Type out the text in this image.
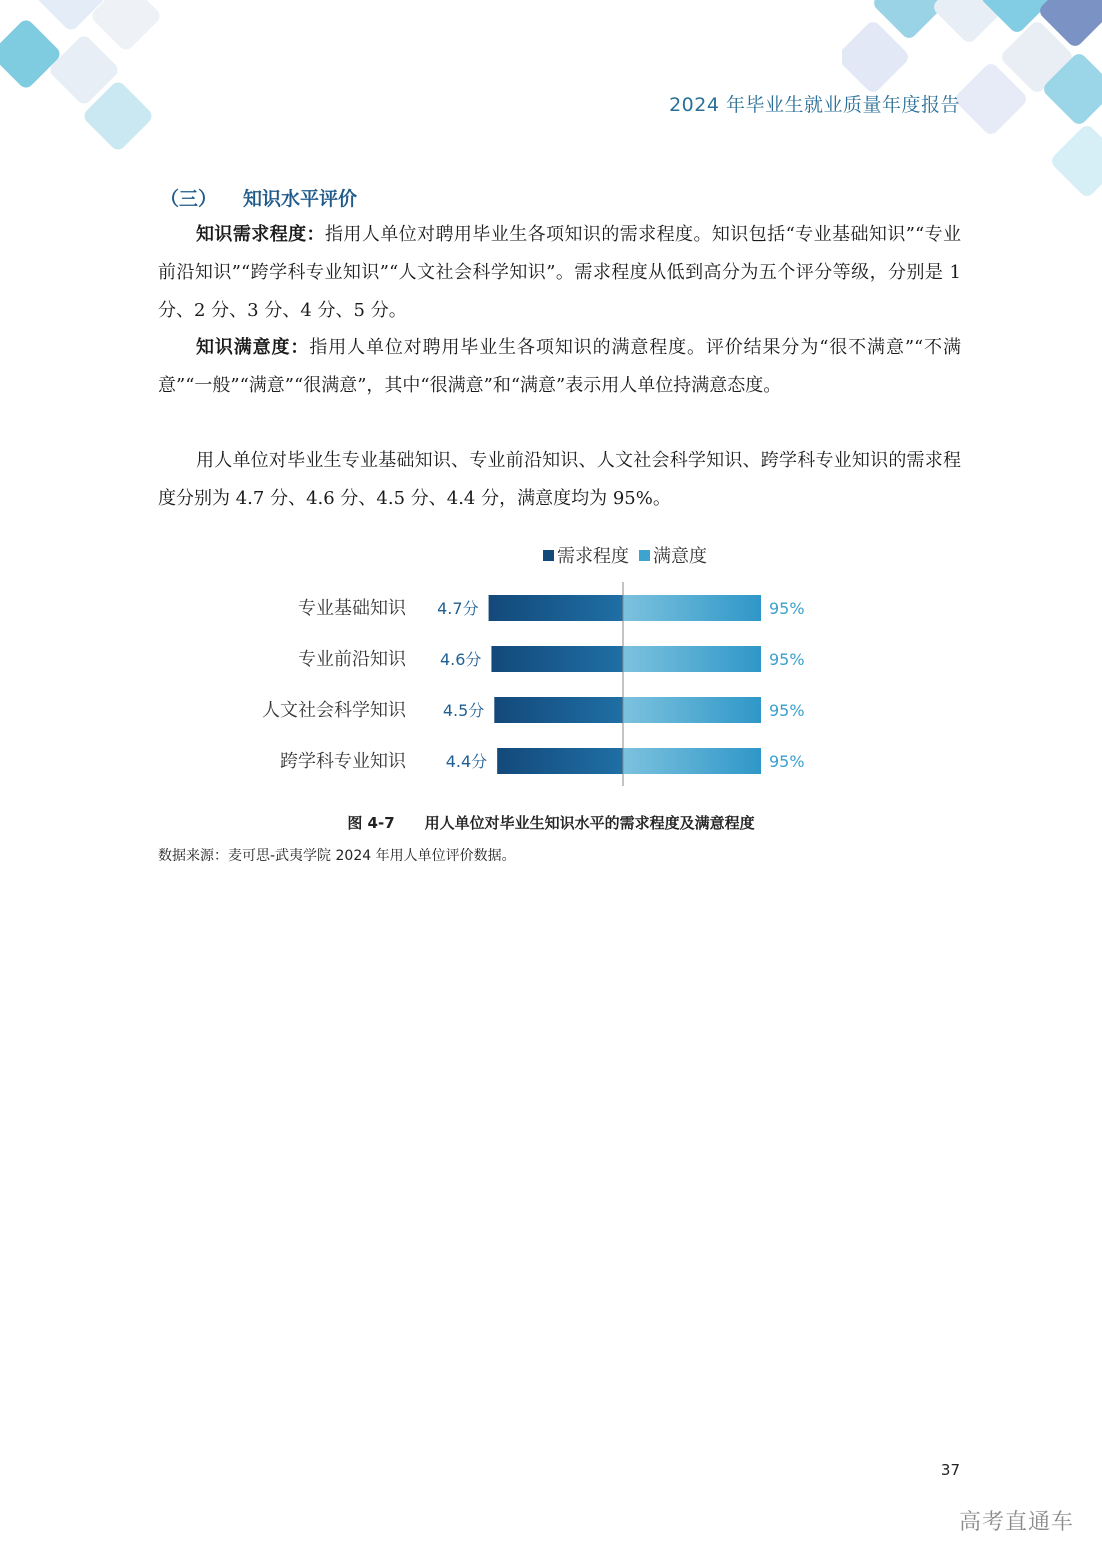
2024 年毕业生就业质量年度报告
（三） 知识水平评价
知识需求程度：指用人单位对聘用毕业生各项知识的需求程度。知识包括“专业基础知识”“专业前沿知识”“跨学科专业知识”“人文社会科学知识”。需求程度从低到高分为五个评分等级，分别是 1 分、2 分、3 分、4 分、5 分。
知识满意度：指用人单位对聘用毕业生各项知识的满意程度。评价结果分为“很不满意”“不满意”“一般”“满意”“很满意”，其中“很满意”和“满意”表示用人单位持满意态度。
用人单位对毕业生专业基础知识、专业前沿知识、人文社会科学知识、跨学科专业知识的需求程度分别为 4.7 分、4.6 分、4.5 分、4.4 分，满意度均为 95%。
需求程度 满意度
专业基础知识 4.7分	95%
专业前沿知识 4.6分	95%
人文社会科学知识 4.5分	95%
跨学科专业知识 4.4分	95%
图 4-7 用人单位对毕业生知识水平的需求程度及满意程度
数据来源：麦可思-武夷学院 2024 年用人单位评价数据。
37
高考直通车
